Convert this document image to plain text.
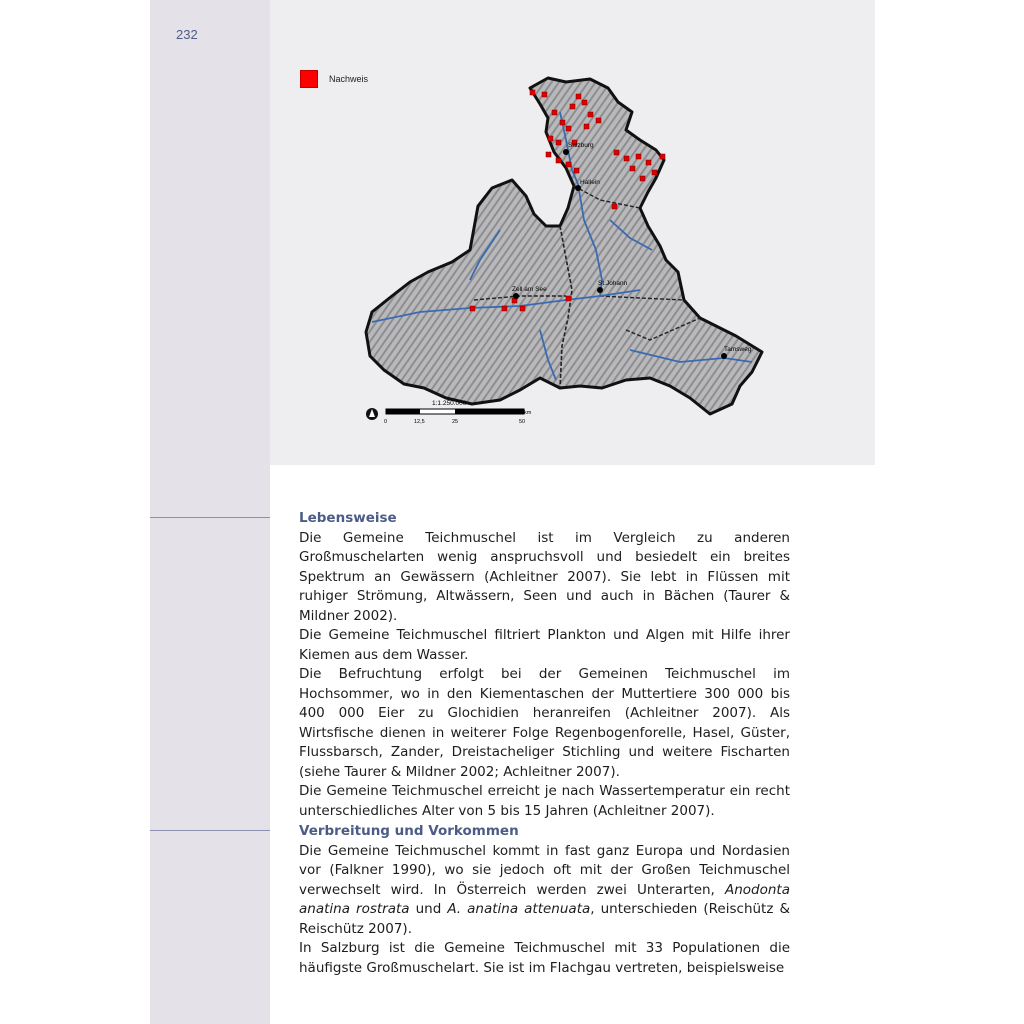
232
Nachweis
Salzburg
Hallein
Zell am See
St.Johann
Tamsweg
1:1.250.000
km
0	12,5	25	50
Lebensweise

Die Gemeine Teichmuschel ist im Vergleich zu anderen Großmuschelarten wenig anspruchsvoll und besiedelt ein breites Spektrum an Gewässern (Achleitner 2007). Sie lebt in Flüssen mit ruhiger Strömung, Altwässern, Seen und auch in Bächen (Taurer & Mildner 2002).

Die Gemeine Teichmuschel filtriert Plankton und Algen mit Hilfe ihrer Kiemen aus dem Wasser.

Die Befruchtung erfolgt bei der Gemeinen Teichmuschel im Hochsommer, wo in den Kiementaschen der Muttertiere 300 000 bis 400 000 Eier zu Glochidien heranreifen (Achleitner 2007). Als Wirtsfische dienen in weiterer Folge Regenbogenforelle, Hasel, Güster, Flussbarsch, Zander, Dreistacheliger Stichling und weitere Fischarten (siehe Taurer & Mildner 2002; Achleitner 2007).

Die Gemeine Teichmuschel erreicht je nach Wassertemperatur ein recht unterschiedliches Alter von 5 bis 15 Jahren (Achleitner 2007).

Verbreitung und Vorkommen

Die Gemeine Teichmuschel kommt in fast ganz Europa und Nordasien vor (Falkner 1990), wo sie jedoch oft mit der Großen Teichmuschel verwechselt wird. In Österreich werden zwei Unterarten, Anodonta anatina rostrata und A. anatina attenuata, unterschieden (Reischütz & Reischütz 2007).

In Salzburg ist die Gemeine Teichmuschel mit 33 Populationen die häufigste Großmuschelart. Sie ist im Flachgau vertreten, beispielsweise
